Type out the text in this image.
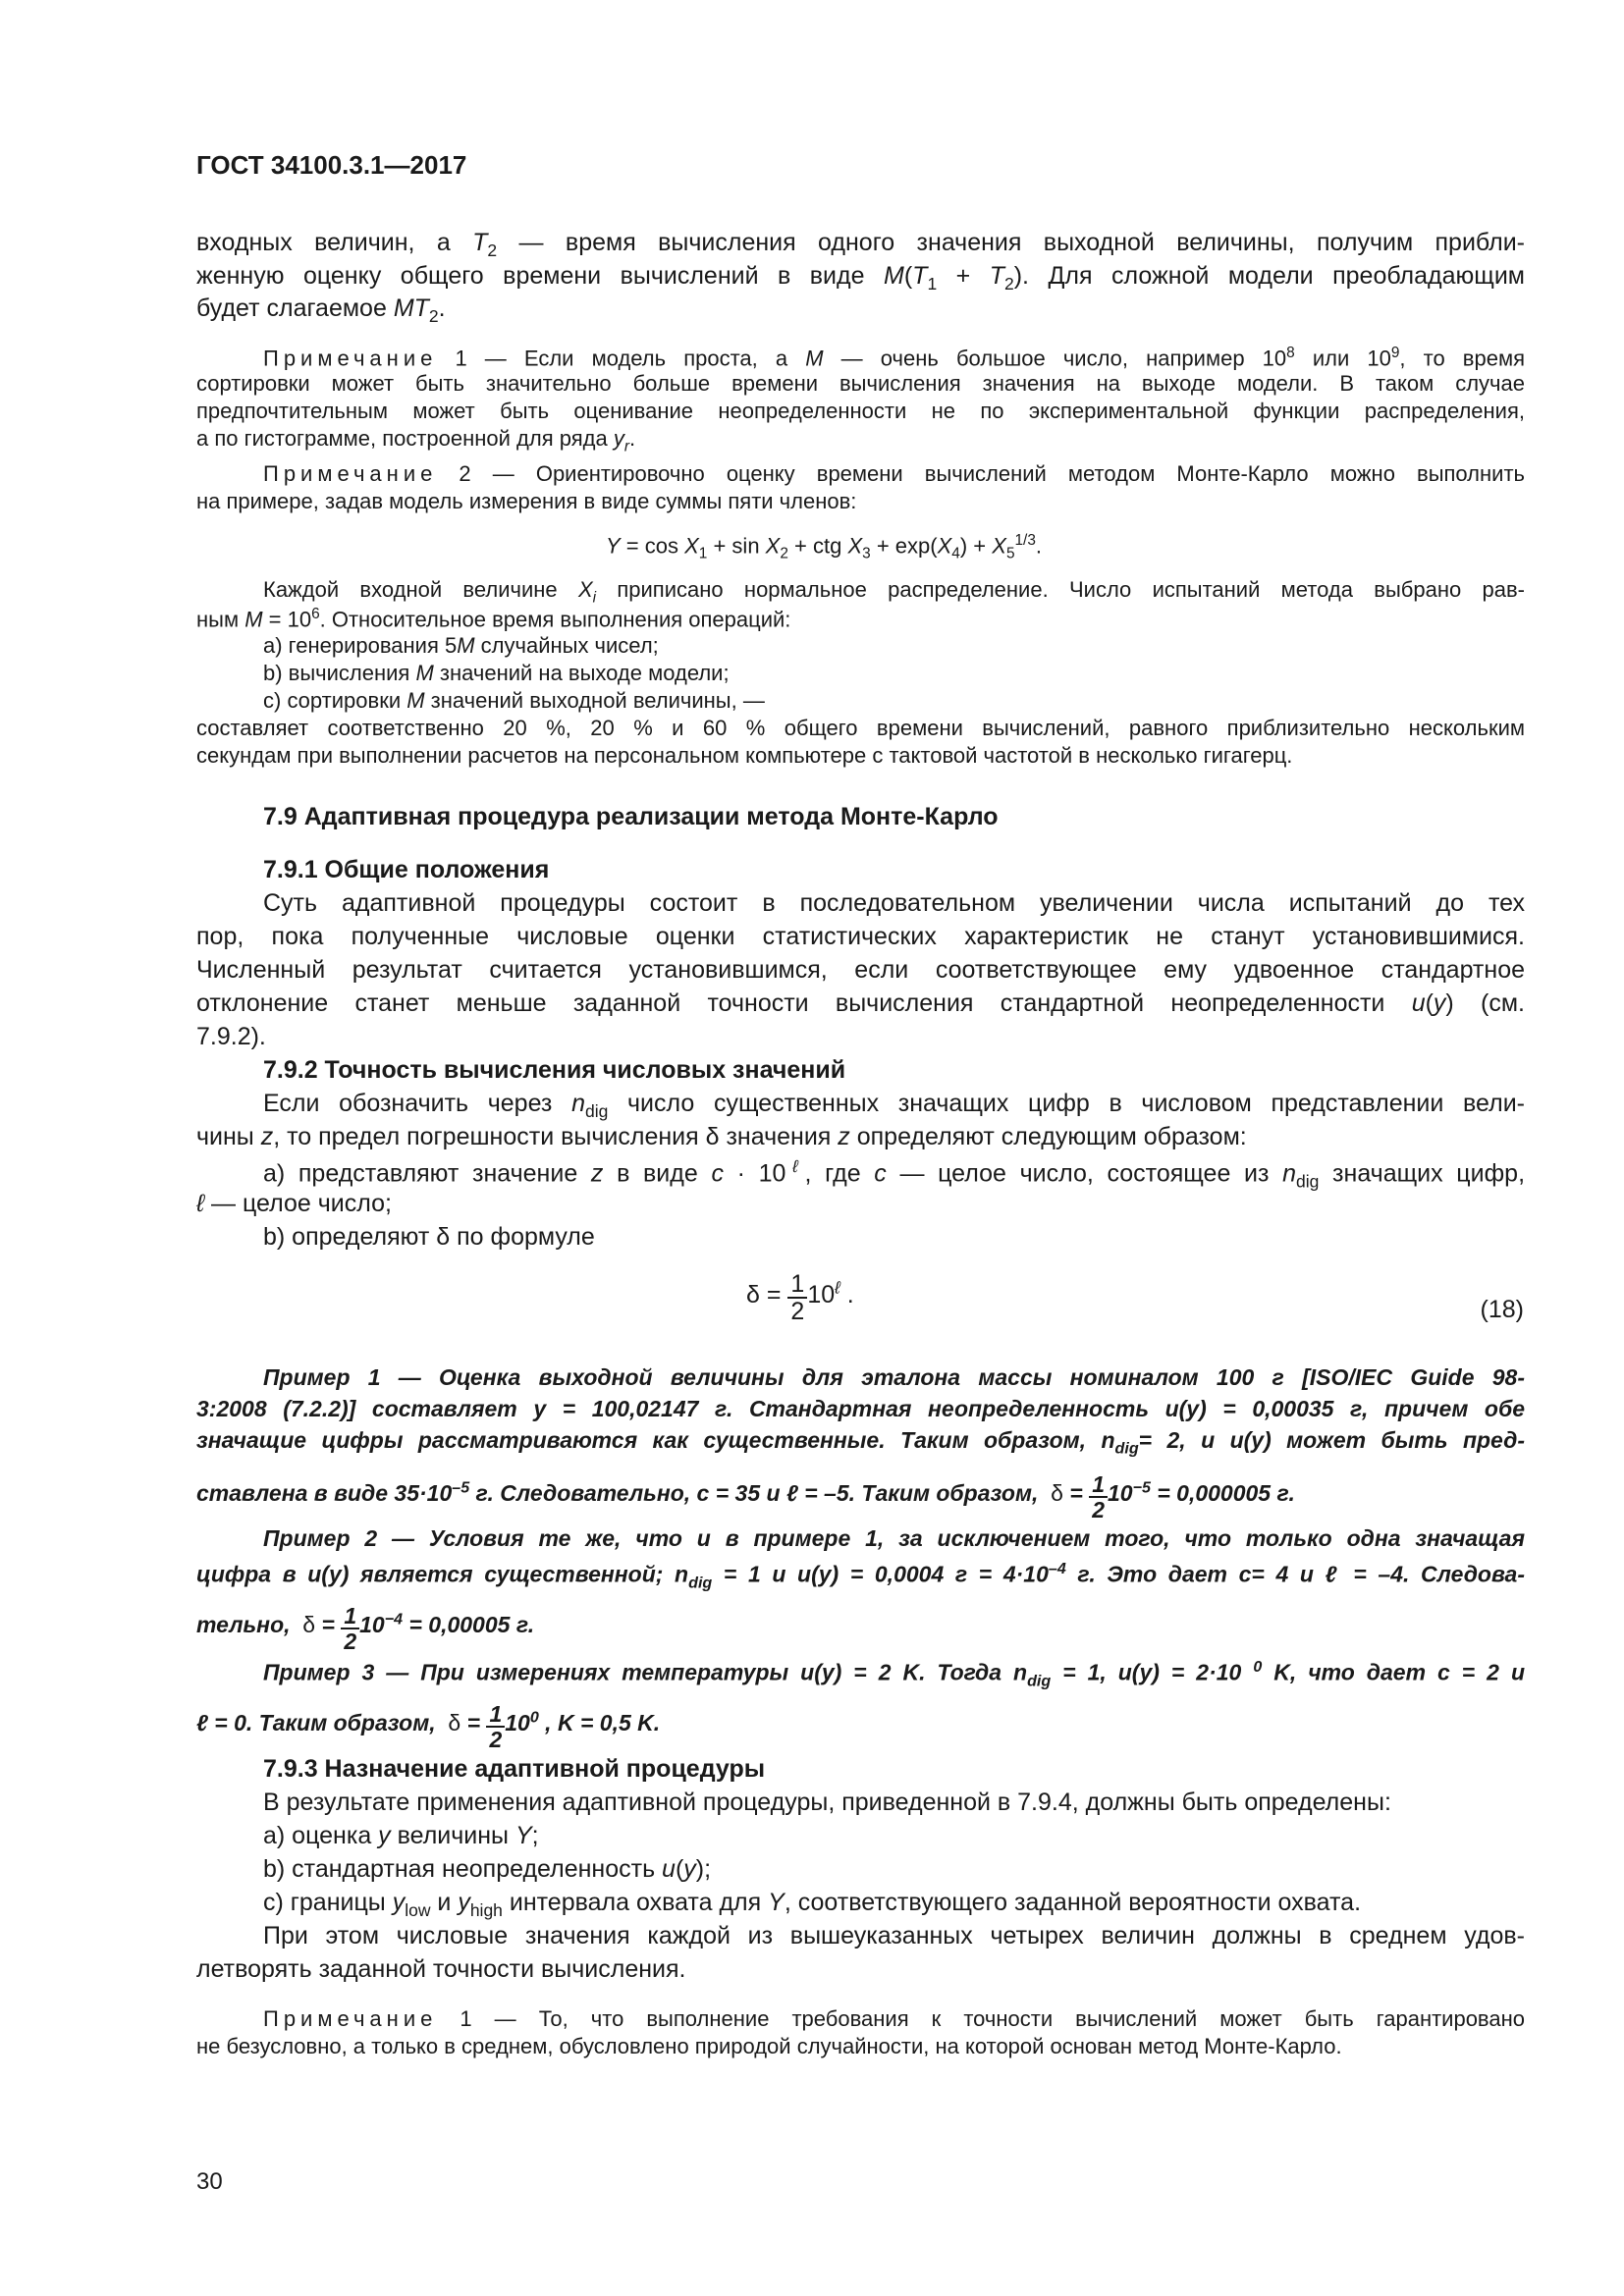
ГОСТ 34100.3.1—2017
входных величин, а $T_2$ — время вычисления одного значения выходной величины, получим прибли-
женную оценку общего времени вычислений в виде $M(T_1 + T_2)$. Для сложной модели преобладающим
будет слагаемое $MT_2$.
Примечание 1 — Если модель проста, а M — очень большое число, например $10^8$ или $10^9$, то время
сортировки может быть значительно больше времени вычисления значения на выходе модели. В таком случае
предпочтительным может быть оценивание неопределенности не по экспериментальной функции распределения,
а по гистограмме, построенной для ряда $y_r$.
Примечание 2 — Ориентировочно оценку времени вычислений методом Монте-Карло можно выполнить
на примере, задав модель измерения в виде суммы пяти членов:
$Y = \cos X_1 + \sin X_2$ + ctg $X_3 + \exp(X_4) + X_5^{1/3}$.
Каждой входной величине $X_i$ приписано нормальное распределение. Число испытаний метода выбрано рав-
ным $M = 10^6$. Относительное время выполнения операций:
а) генерирования 5M случайных чисел;
b) вычисления M значений на выходе модели;
c) сортировки M значений выходной величины, —
составляет соответственно 20 %, 20 % и 60 % общего времени вычислений, равного приблизительно нескольким
секундам при выполнении расчетов на персональном компьютере с тактовой частотой в несколько гигагерц.
7.9 Адаптивная процедура реализации метода Монте-Карло
7.9.1 Общие положения
Суть адаптивной процедуры состоит в последовательном увеличении числа испытаний до тех
пор, пока полученные числовые оценки статистических характеристик не станут установившимися.
Численный результат считается установившимся, если соответствующее ему удвоенное стандартное
отклонение станет меньше заданной точности вычисления стандартной неопределенности u(y) (см.
7.9.2).
7.9.2 Точность вычисления числовых значений
Если обозначить через $n_{dig}$ число существенных значащих цифр в числовом представлении вели-
чины z, то предел погрешности вычисления δ значения z определяют следующим образом:
а) представляют значение z в виде $c \cdot 10^\ell$, где c — целое число, состоящее из $n_{dig}$ значащих цифр,
ℓ — целое число;
b) определяют δ по формуле
$\delta = \frac{1}{2} 10^\ell$ .
(18)
Пример 1 — Оценка выходной величины для эталона массы номиналом 100 г [ISO/IEC Guide 98-
3:2008 (7.2.2)] составляет y = 100,02147 г. Стандартная неопределенность u(y) = 0,00035 г, причем обе
значащие цифры рассматриваются как существенные. Таким образом, $n_{dig}= 2$, и u(y) может быть пред-
ставлена в виде $35\cdot 10^{-5}$ г. Следовательно, c = 35 и ℓ = –5. Таким образом,  $\delta = \frac{1}{2} 10^{-5} = 0,000005$ г.
Пример 2 — Условия те же, что и в примере 1, за исключением того, что только одна значащая
цифра в u(y) является существенной; $n_{dig} = 1$ и u(y) = 0,0004 $г = 4\cdot 10^{-4}$ г. Это дает c= 4 и ℓ = –4. Следова-
тельно,  $\delta = \frac{1}{2} 10^{-4} = 0,00005$ г.
Пример 3 — При измерениях температуры u(y) = 2 K. Тогда $n_{dig} = 1$, u(y) = 2·10 $^0$ K, что дает c = 2 и
ℓ = 0. Таким образом,  $\delta = \frac{1}{2} 10^0$ , K = 0,5 K.
7.9.3 Назначение адаптивной процедуры
В результате применения адаптивной процедуры, приведенной в 7.9.4, должны быть определены:
а) оценка y величины Y;
b) стандартная неопределенность u(y);
c) границы $y_{low}$ и $y_{high}$ интервала охвата для Y, соответствующего заданной вероятности охвата.
При этом числовые значения каждой из вышеуказанных четырех величин должны в среднем удов-
летворять заданной точности вычисления.
Примечание 1 — То, что выполнение требования к точности вычислений может быть гарантировано
не безусловно, а только в среднем, обусловлено природой случайности, на которой основан метод Монте-Карло.
30
